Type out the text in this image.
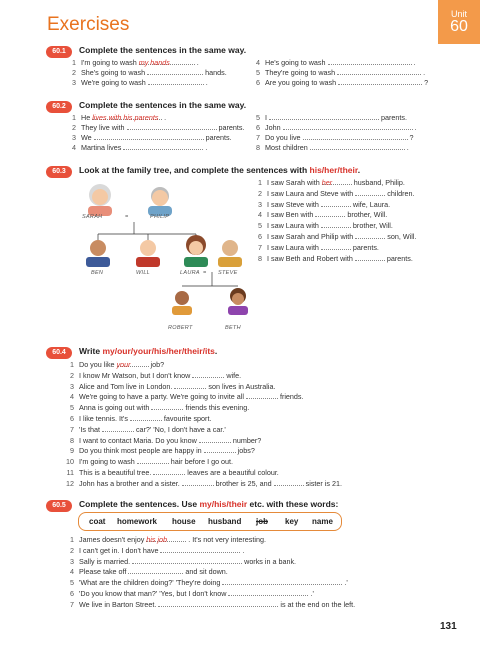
Exercises	Unit
60
60.1	Complete the sentences in the same way.
1 I'm going to wash my hands	.
2 She's going to wash	hands.
3 We're going to wash	.
4 He's going to wash	.
5 They're going to wash	.
6 Are you going to wash	?
60.2	Complete the sentences in the same way.
1 He lives with his parents .
2 They live with	parents.
3 We	parents.
4 Martina lives	.
5 I	parents.
6 John	.
7 Do you live	?
8 Most children	.
60.3	Look at the family tree, and complete the sentences with his/her/their.
SARAH	=	PHILIP
BEN	WILL	LAURA = STEVE
ROBERT	BETH
1 I saw Sarah with her	husband, Philip.
2 I saw Laura and Steve with	children.
3 I saw Steve with	wife, Laura.
4 I saw Ben with	brother, Will.
5 I saw Laura with	brother, Will.
6 I saw Sarah and Philip with	son, Will.
7 I saw Laura with	parents.
8 I saw Beth and Robert with	parents.
60.4	Write my/our/your/his/her/their/its.
1 Do you like your	job?
2 I know Mr Watson, but I don't know	wife.
3 Alice and Tom live in London.	son lives in Australia.
4 We're going to have a party. We're going to invite all	friends.
5 Anna is going out with	friends this evening.
6 I like tennis. It's	favourite sport.
7 'Is that	car?' 'No, I don't have a car.'
8 I want to contact Maria. Do you know	number?
9 Do you think most people are happy in	jobs?
10 I'm going to wash	hair before I go out.
11 This is a beautiful tree.	leaves are a beautiful colour.
12 John has a brother and a sister.	brother is 25, and	sister is 21.
60.5	Complete the sentences. Use my/his/their etc. with these words:
coat homework house husband job key name
1 James doesn't enjoy his job	. It's not very interesting.
2 I can't get in. I don't have	.
3 Sally is married.	works in a bank.
4 Please take off	and sit down.
5 'What are the children doing?' 'They're doing	.'
6 'Do you know that man?' 'Yes, but I don't know	.'
7 We live in Barton Street.	is at the end on the left.
131
